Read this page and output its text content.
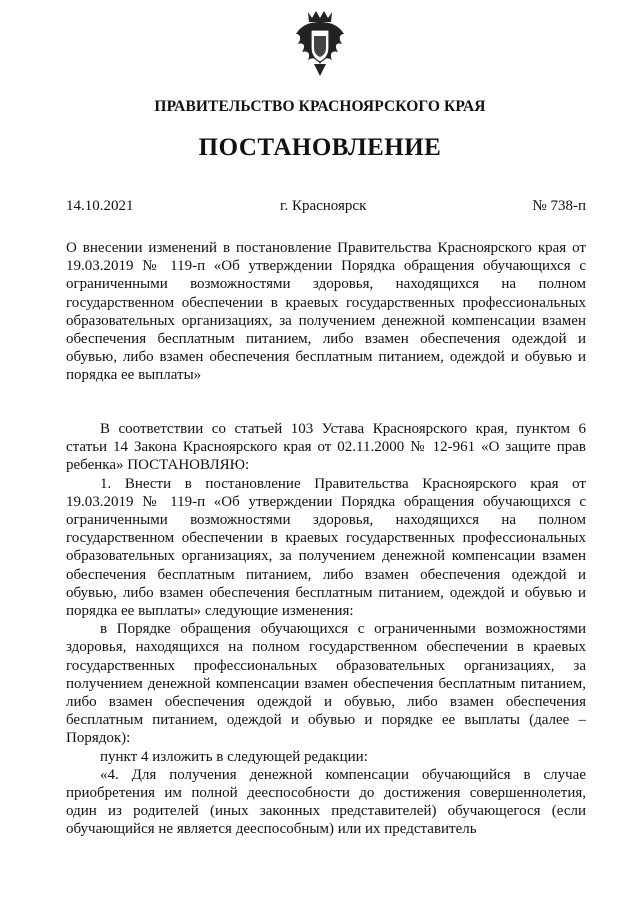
ПРАВИТЕЛЬСТВО КРАСНОЯРСКОГО КРАЯ
ПОСТАНОВЛЕНИЕ
14.10.2021	г. Красноярск	№ 738-п

О внесении изменений в постановление Правительства Красноярского края от 19.03.2019 № 119-п «Об утверждении Порядка обращения обучающихся с ограниченными возможностями здоровья, находящихся на полном государственном обеспечении в краевых государственных профессиональных образовательных организациях, за получением денежной компенсации взамен обеспечения бесплатным питанием, либо взамен обеспечения одеждой и обувью, либо взамен обеспечения бесплатным питанием, одеждой и обувью и порядка ее выплаты»

В соответствии со статьей 103 Устава Красноярского края, пунктом 6 статьи 14 Закона Красноярского края от 02.11.2000 № 12-961 «О защите прав ребенка» ПОСТАНОВЛЯЮ:

1. Внести в постановление Правительства Красноярского края от 19.03.2019 № 119-п «Об утверждении Порядка обращения обучающихся с ограниченными возможностями здоровья, находящихся на полном государственном обеспечении в краевых государственных профессиональных образовательных организациях, за получением денежной компенсации взамен обеспечения бесплатным питанием, либо взамен обеспечения одеждой и обувью, либо взамен обеспечения бесплатным питанием, одеждой и обувью и порядка ее выплаты» следующие изменения:

в Порядке обращения обучающихся с ограниченными возможностями здоровья, находящихся на полном государственном обеспечении в краевых государственных профессиональных образовательных организациях, за получением денежной компенсации взамен обеспечения бесплатным питанием, либо взамен обеспечения одеждой и обувью, либо взамен обеспечения бесплатным питанием, одеждой и обувью и порядке ее выплаты (далее – Порядок):

пункт 4 изложить в следующей редакции:

«4. Для получения денежной компенсации обучающийся в случае приобретения им полной дееспособности до достижения совершеннолетия, один из родителей (иных законных представителей) обучающегося (если обучающийся не является дееспособным) или их представитель
